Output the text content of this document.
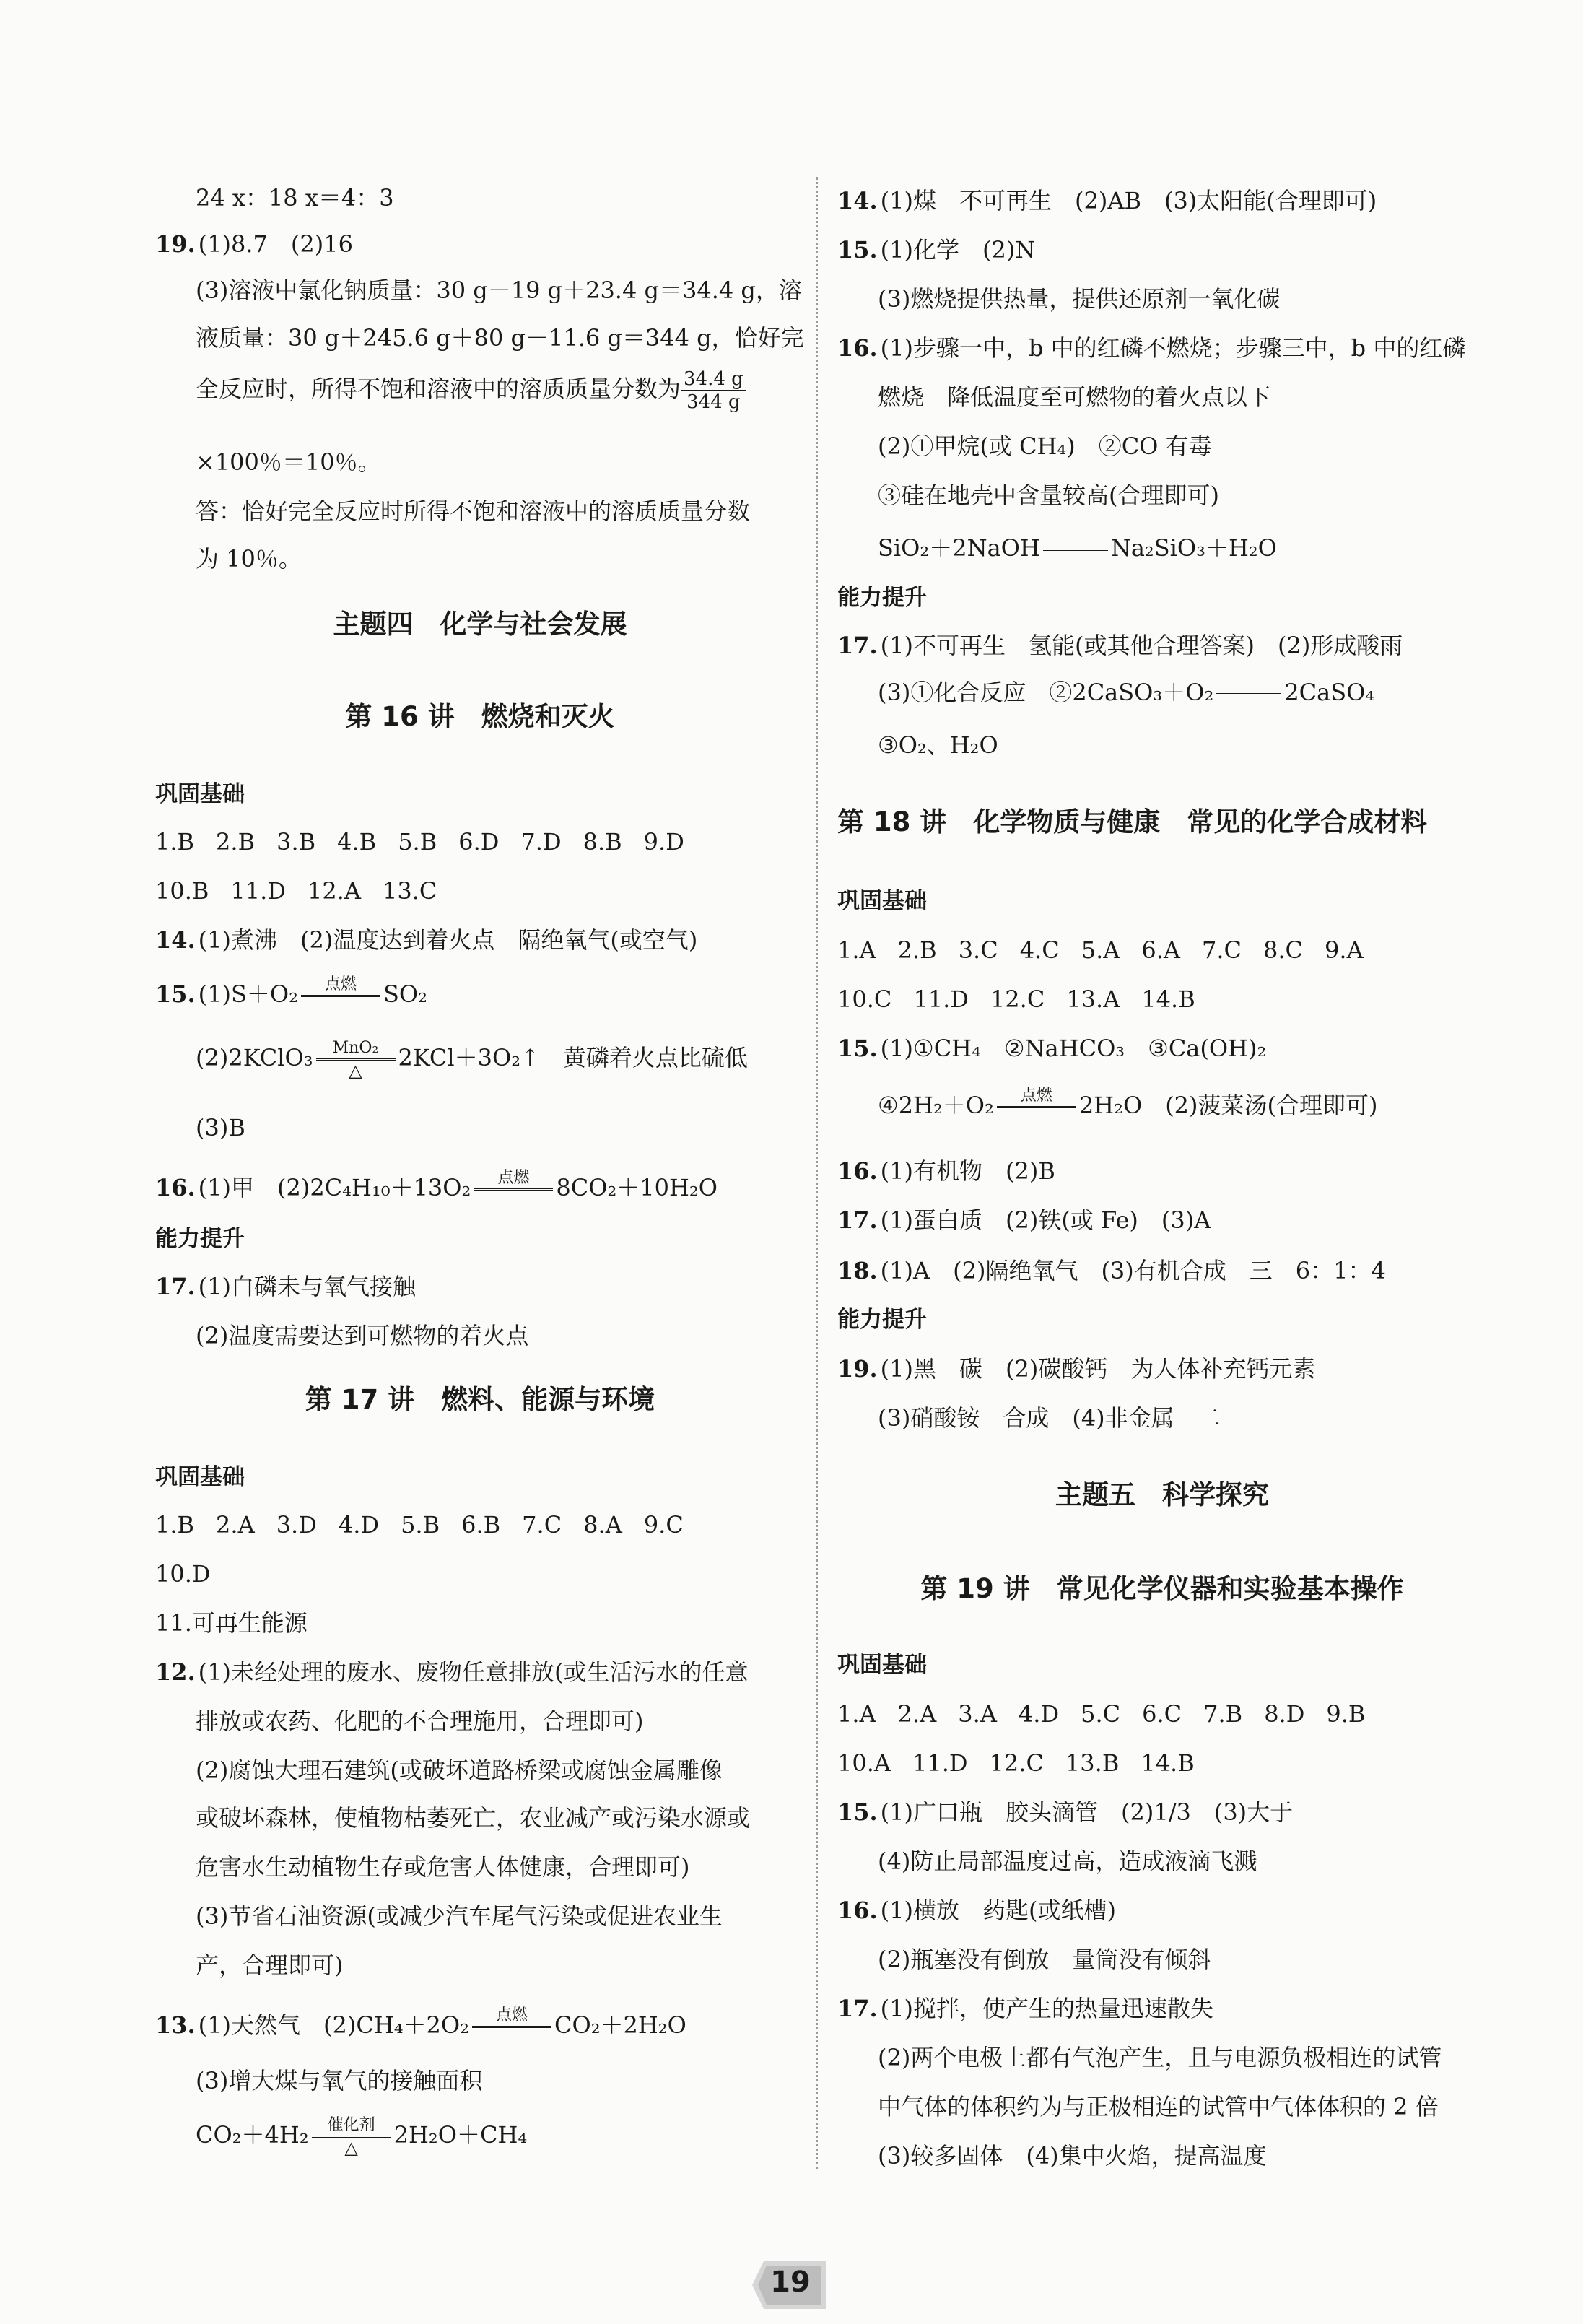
24 x：18 x＝4：3
19. (1)8.7　(2)16
(3)溶液中氯化钠质量：30 g－19 g＋23.4 g＝34.4 g，溶
液质量：30 g＋245.6 g＋80 g－11.6 g＝344 g，恰好完
全反应时，所得不饱和溶液中的溶质质量分数为 $\frac{34.4 g}{344 g}$
×100％＝10％。
答：恰好完全反应时所得不饱和溶液中的溶质质量分数
为 10％。
主题四　化学与社会发展
第 16 讲　燃烧和灭火
巩固基础
1.B 2.B 3.B 4.B 5.B 6.D 7.D 8.B 9.D
10.B 11.D 12.A 13.C
14. (1)煮沸　(2)温度达到着火点　隔绝氧气(或空气)
15. (1)S＋O₂	点燃
	SO₂
(2)2KClO₃	MnO₂
△	2KCl＋3O₂↑　黄磷着火点比硫低
(3)B
16. (1)甲　(2)2C₄H₁₀＋13O₂	点燃
	8CO₂＋10H₂O
能力提升
17. (1)白磷未与氧气接触
(2)温度需要达到可燃物的着火点
第 17 讲　燃料、能源与环境
巩固基础
1.B 2.A 3.D 4.D 5.B 6.B 7.C 8.A 9.C
10.D
11.可再生能源
12. (1)未经处理的废水、废物任意排放(或生活污水的任意
排放或农药、化肥的不合理施用，合理即可)
(2)腐蚀大理石建筑(或破坏道路桥梁或腐蚀金属雕像
或破坏森林，使植物枯萎死亡，农业减产或污染水源或
危害水生动植物生存或危害人体健康，合理即可)
(3)节省石油资源(或减少汽车尾气污染或促进农业生
产，合理即可)
13. (1)天然气　(2)CH₄＋2O₂	点燃
	CO₂＋2H₂O
(3)增大煤与氧气的接触面积
CO₂＋4H₂	催化剂
△	2H₂O＋CH₄
14. (1)煤　不可再生　(2)AB　(3)太阳能(合理即可)
15. (1)化学　(2)N
(3)燃烧提供热量，提供还原剂一氧化碳
16. (1)步骤一中，b 中的红磷不燃烧；步骤三中，b 中的红磷
燃烧　降低温度至可燃物的着火点以下
(2)①甲烷(或 CH₄)　②CO 有毒
③硅在地壳中含量较高(合理即可)
SiO₂＋2NaOH

	Na₂SiO₃＋H₂O
能力提升
17. (1)不可再生　氢能(或其他合理答案)　(2)形成酸雨
(3)①化合反应　②2CaSO₃＋O₂

	2CaSO₄
③O₂、H₂O
第 18 讲　化学物质与健康　常见的化学合成材料
巩固基础
1.A 2.B 3.C 4.C 5.A 6.A 7.C 8.C 9.A
10.C 11.D 12.C 13.A 14.B
15. (1)①CH₄　②NaHCO₃　③Ca(OH)₂
④2H₂＋O₂	点燃
	2H₂O　(2)菠菜汤(合理即可)
16. (1)有机物　(2)B
17. (1)蛋白质　(2)铁(或 Fe)　(3)A
18. (1)A　(2)隔绝氧气　(3)有机合成　三　6：1：4
能力提升
19. (1)黑　碳　(2)碳酸钙　为人体补充钙元素
(3)硝酸铵　合成　(4)非金属　二
主题五　科学探究
第 19 讲　常见化学仪器和实验基本操作
巩固基础
1.A 2.A 3.A 4.D 5.C 6.C 7.B 8.D 9.B
10.A 11.D 12.C 13.B 14.B
15. (1)广口瓶　胶头滴管　(2)1/3　(3)大于
(4)防止局部温度过高，造成液滴飞溅
16. (1)横放　药匙(或纸槽)
(2)瓶塞没有倒放　量筒没有倾斜
17. (1)搅拌，使产生的热量迅速散失
(2)两个电极上都有气泡产生，且与电源负极相连的试管
中气体的体积约为与正极相连的试管中气体体积的 2 倍
(3)较多固体　(4)集中火焰，提高温度
19
